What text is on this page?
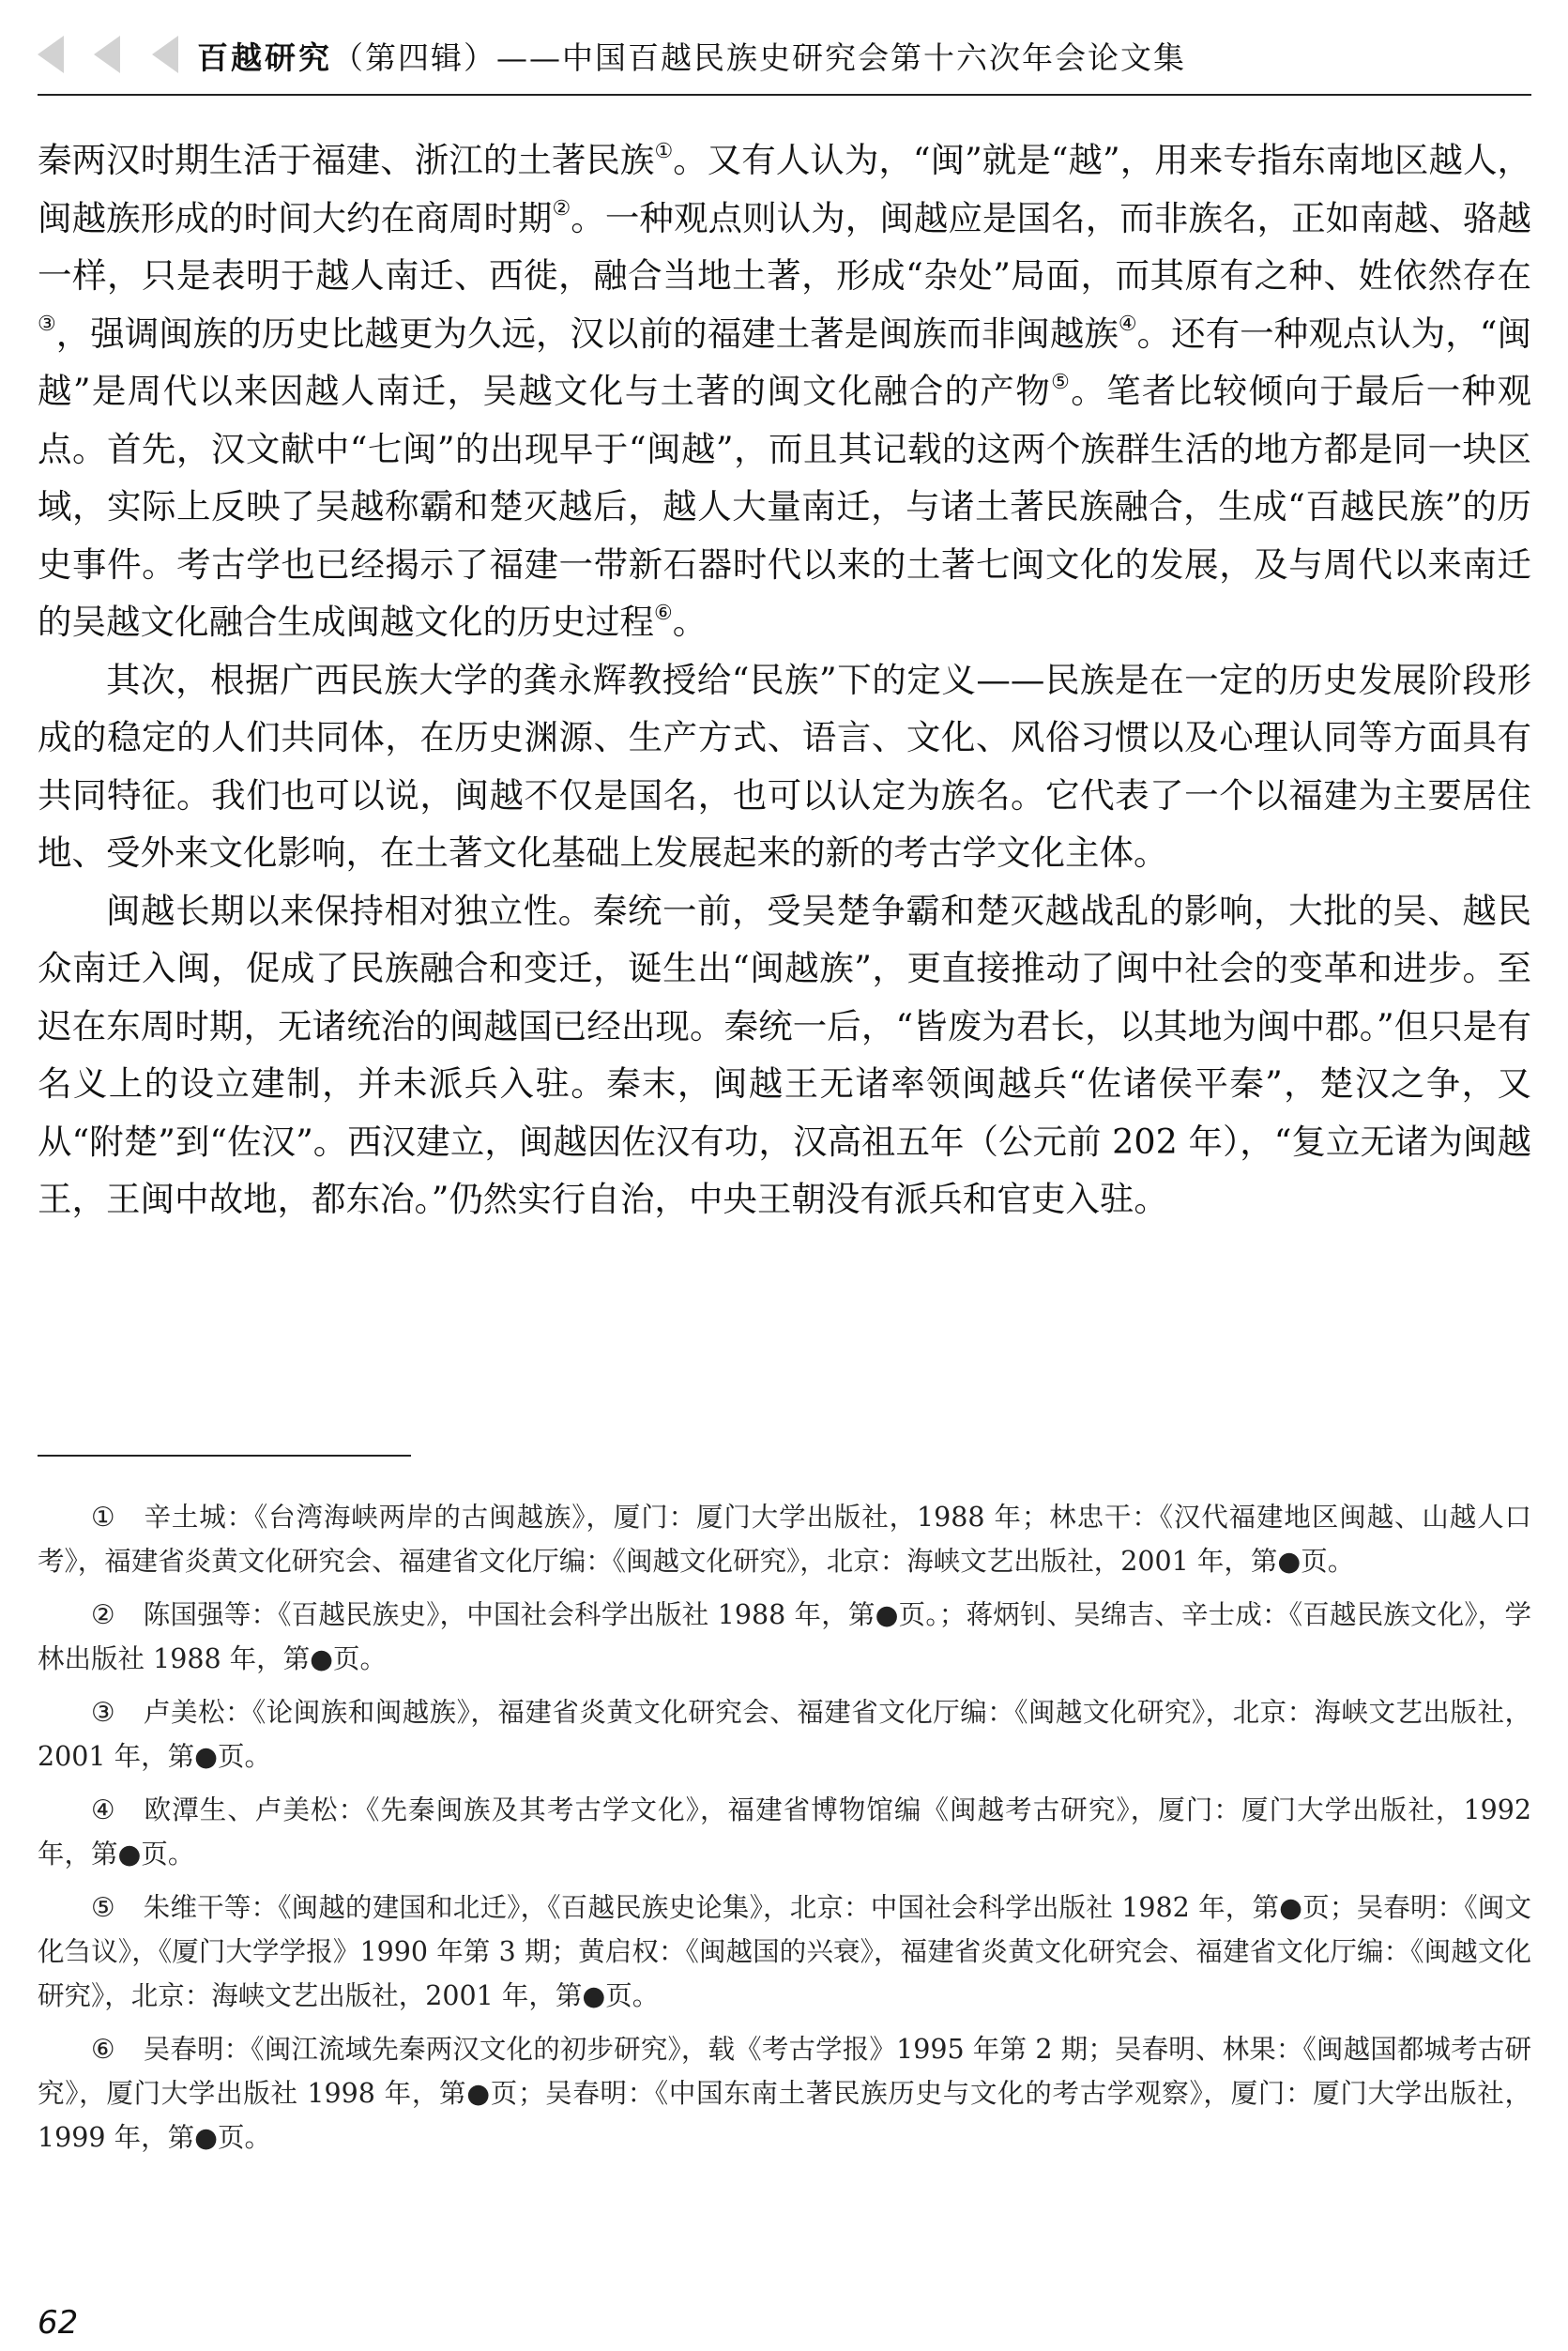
百越研究（第四辑）——中国百越民族史研究会第十六次年会论文集

秦两汉时期生活于福建、浙江的土著民族①。又有人认为，“闽”就是“越”，用来专指东南地区越人，闽越族形成的时间大约在商周时期②。一种观点则认为，闽越应是国名，而非族名，正如南越、骆越一样，只是表明于越人南迁、西徙，融合当地土著，形成“杂处”局面，而其原有之种、姓依然存在③，强调闽族的历史比越更为久远，汉以前的福建土著是闽族而非闽越族④。还有一种观点认为，“闽越”是周代以来因越人南迁，吴越文化与土著的闽文化融合的产物⑤。笔者比较倾向于最后一种观点。首先，汉文献中“七闽”的出现早于“闽越”，而且其记载的这两个族群生活的地方都是同一块区域，实际上反映了吴越称霸和楚灭越后，越人大量南迁，与诸土著民族融合，生成“百越民族”的历史事件。考古学也已经揭示了福建一带新石器时代以来的土著七闽文化的发展，及与周代以来南迁的吴越文化融合生成闽越文化的历史过程⑥。

其次，根据广西民族大学的龚永辉教授给“民族”下的定义——民族是在一定的历史发展阶段形成的稳定的人们共同体，在历史渊源、生产方式、语言、文化、风俗习惯以及心理认同等方面具有共同特征。我们也可以说，闽越不仅是国名，也可以认定为族名。它代表了一个以福建为主要居住地、受外来文化影响，在土著文化基础上发展起来的新的考古学文化主体。

闽越长期以来保持相对独立性。秦统一前，受吴楚争霸和楚灭越战乱的影响，大批的吴、越民众南迁入闽，促成了民族融合和变迁，诞生出“闽越族”，更直接推动了闽中社会的变革和进步。至迟在东周时期，无诸统治的闽越国已经出现。秦统一后，“皆废为君长，以其地为闽中郡。”但只是有名义上的设立建制，并未派兵入驻。秦末，闽越王无诸率领闽越兵“佐诸侯平秦”，楚汉之争，又从“附楚”到“佐汉”。西汉建立，闽越因佐汉有功，汉高祖五年（公元前 202 年），“复立无诸为闽越王，王闽中故地，都东冶。”仍然实行自治，中央王朝没有派兵和官吏入驻。

① 辛土城：《台湾海峡两岸的古闽越族》，厦门：厦门大学出版社，1988 年；林忠干：《汉代福建地区闽越、山越人口考》，福建省炎黄文化研究会、福建省文化厅编：《闽越文化研究》，北京：海峡文艺出版社，2001 年，第●页。

② 陈国强等：《百越民族史》，中国社会科学出版社 1988 年，第●页。；蒋炳钊、吴绵吉、辛士成：《百越民族文化》，学林出版社 1988 年，第●页。

③ 卢美松：《论闽族和闽越族》，福建省炎黄文化研究会、福建省文化厅编：《闽越文化研究》，北京：海峡文艺出版社，2001 年，第●页。

④ 欧潭生、卢美松：《先秦闽族及其考古学文化》，福建省博物馆编《闽越考古研究》，厦门：厦门大学出版社，1992 年，第●页。

⑤ 朱维干等：《闽越的建国和北迁》，《百越民族史论集》，北京：中国社会科学出版社 1982 年，第●页；吴春明：《闽文化刍议》，《厦门大学学报》1990 年第 3 期；黄启权：《闽越国的兴衰》，福建省炎黄文化研究会、福建省文化厅编：《闽越文化研究》，北京：海峡文艺出版社，2001 年，第●页。

⑥ 吴春明：《闽江流域先秦两汉文化的初步研究》，载《考古学报》1995 年第 2 期；吴春明、林果：《闽越国都城考古研究》，厦门大学出版社 1998 年，第●页；吴春明：《中国东南土著民族历史与文化的考古学观察》，厦门：厦门大学出版社，1999 年，第●页。

62
